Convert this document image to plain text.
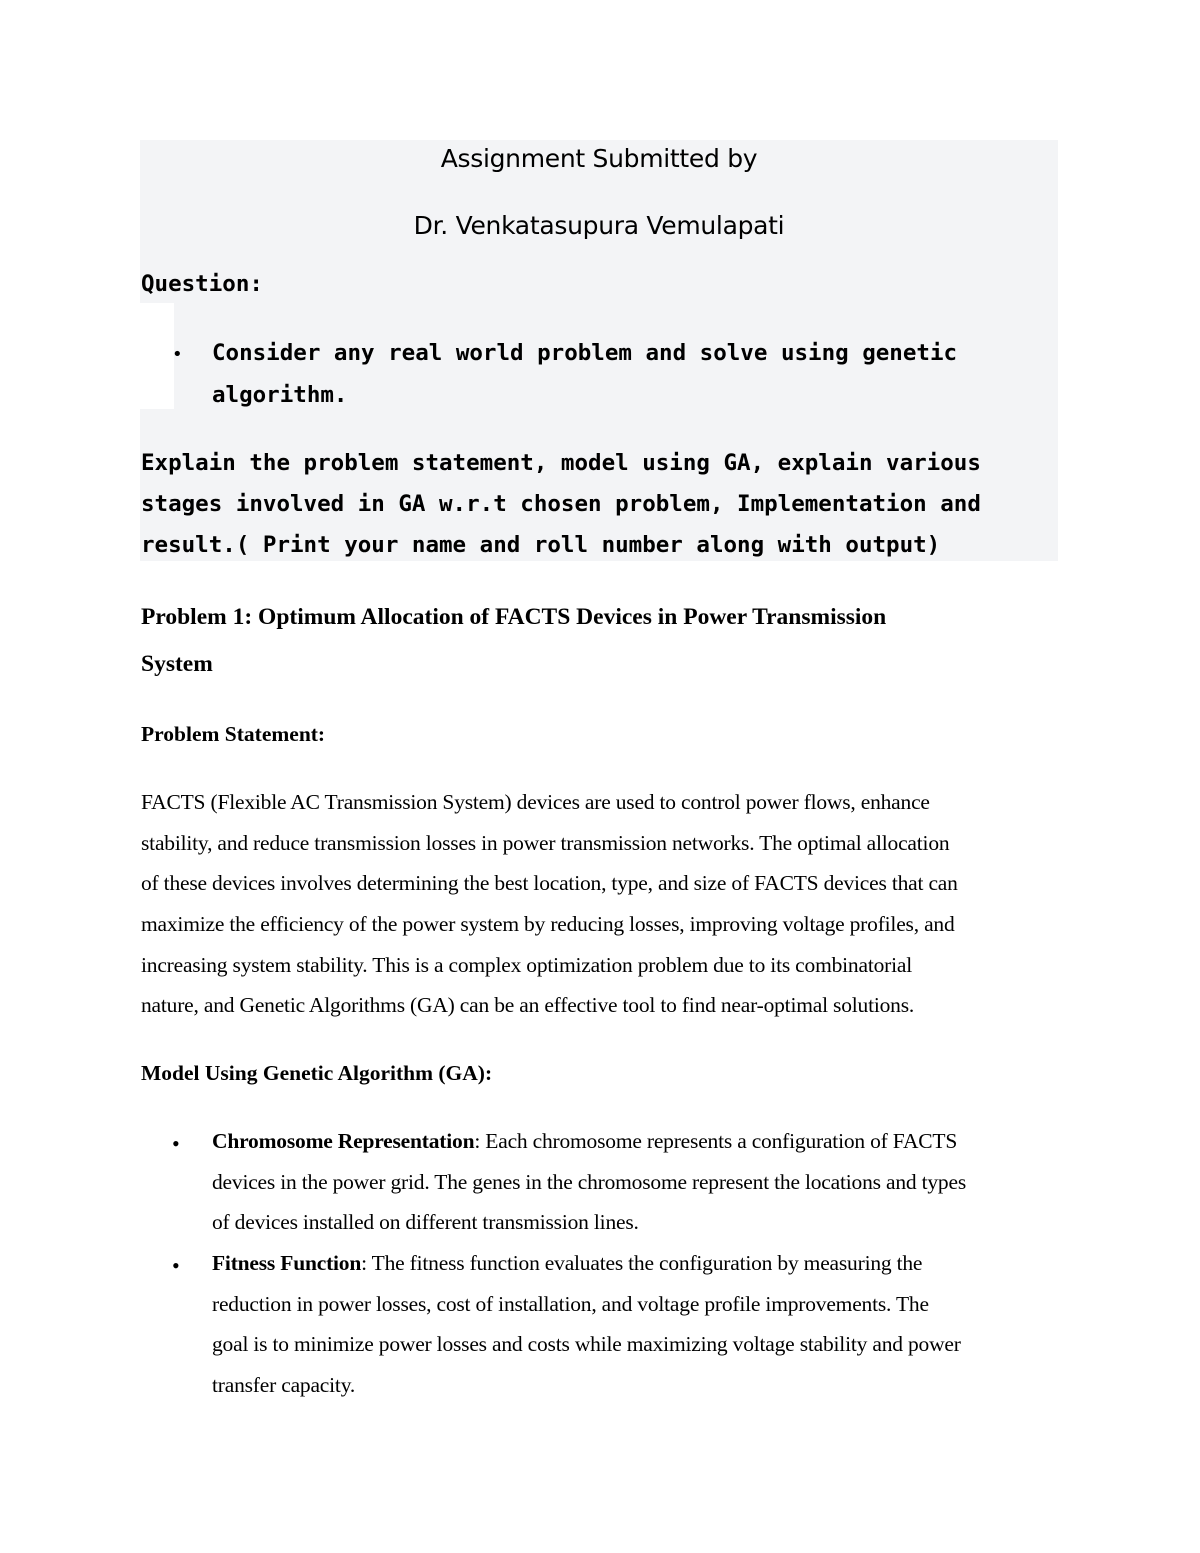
Assignment Submitted by

Dr. Venkatasupura Vemulapati

Question:

• Consider any real world problem and solve using genetic

algorithm.

Explain the problem statement, model using GA, explain various

stages involved in GA w.r.t chosen problem, Implementation and

result.( Print your name and roll number along with output)

Problem 1: Optimum Allocation of FACTS Devices in Power Transmission

System

Problem Statement:

FACTS (Flexible AC Transmission System) devices are used to control power flows, enhance

stability, and reduce transmission losses in power transmission networks. The optimal allocation

of these devices involves determining the best location, type, and size of FACTS devices that can

maximize the efficiency of the power system by reducing losses, improving voltage profiles, and

increasing system stability. This is a complex optimization problem due to its combinatorial

nature, and Genetic Algorithms (GA) can be an effective tool to find near-optimal solutions.

Model Using Genetic Algorithm (GA):

• Chromosome Representation: Each chromosome represents a configuration of FACTS

devices in the power grid. The genes in the chromosome represent the locations and types

of devices installed on different transmission lines.

• Fitness Function: The fitness function evaluates the configuration by measuring the

reduction in power losses, cost of installation, and voltage profile improvements. The

goal is to minimize power losses and costs while maximizing voltage stability and power

transfer capacity.
